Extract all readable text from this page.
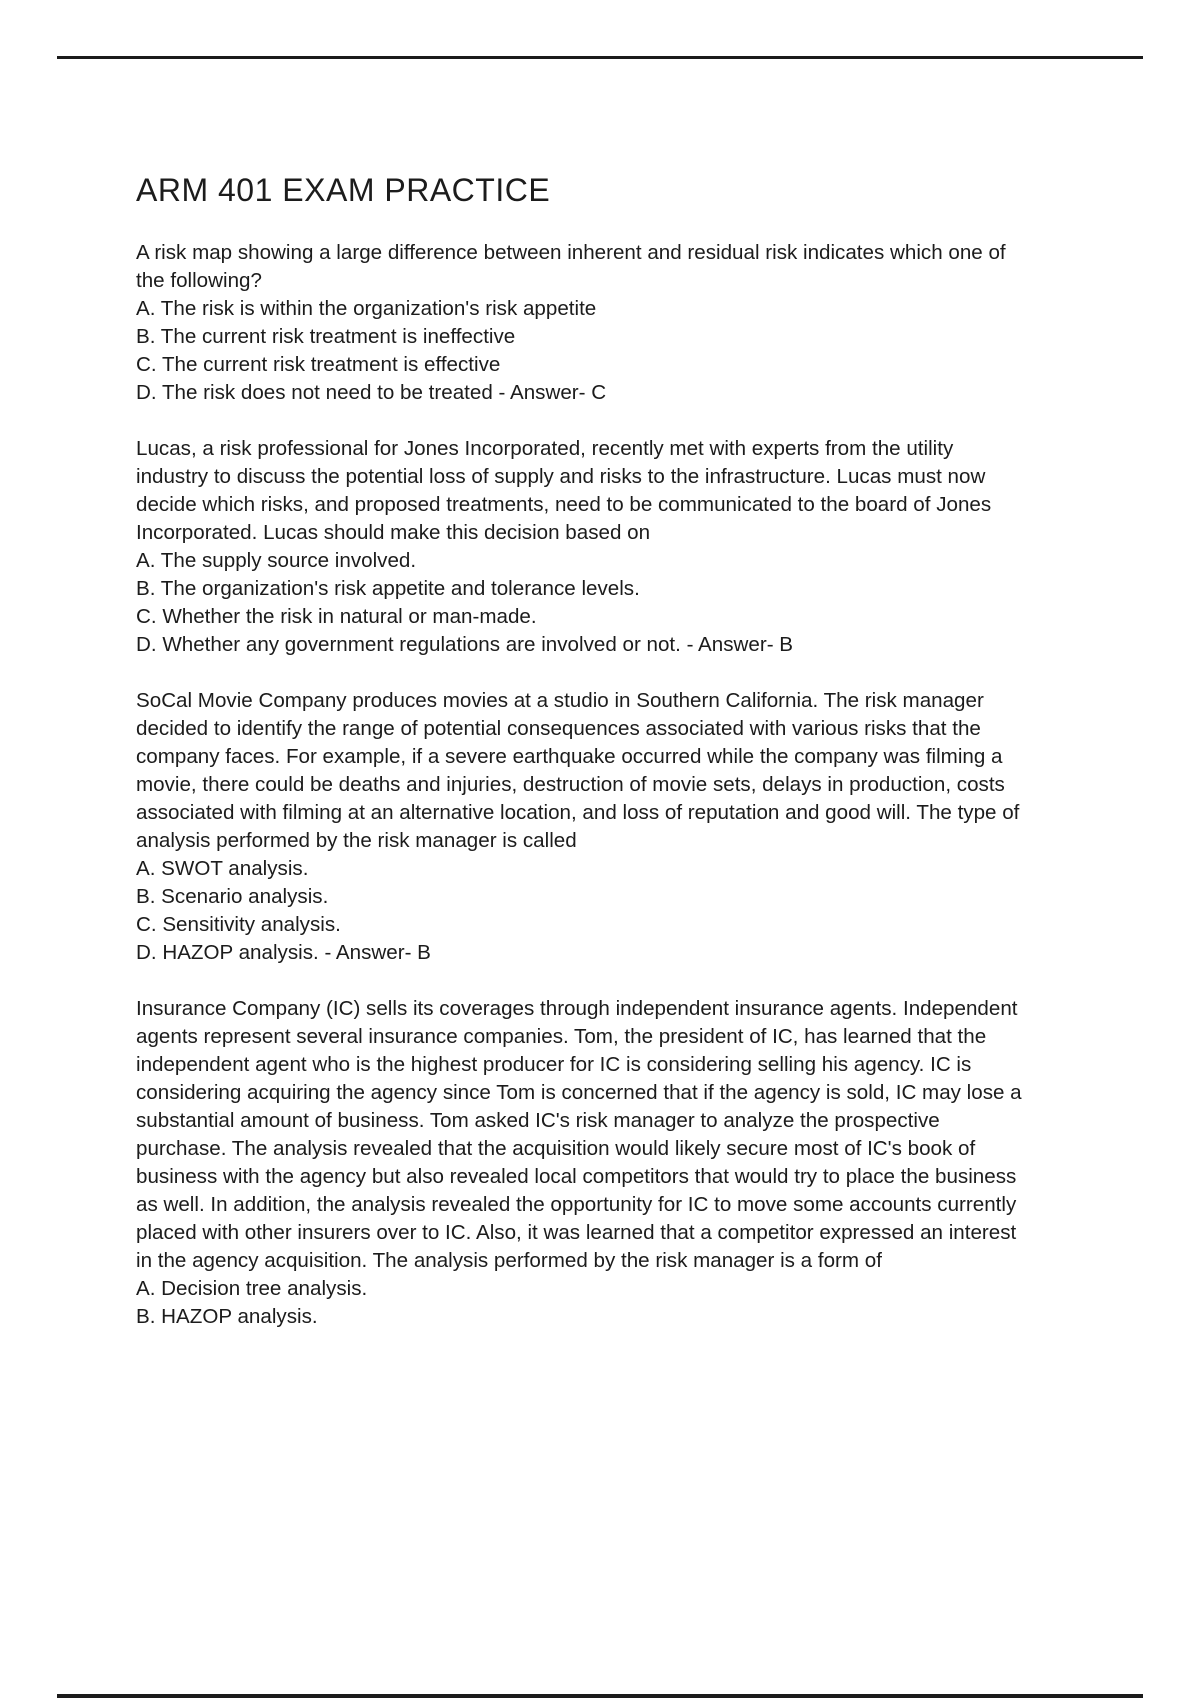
ARM 401 EXAM PRACTICE

A risk map showing a large difference between inherent and residual risk indicates which one of the following?

A. The risk is within the organization's risk appetite
B. The current risk treatment is ineffective
C. The current risk treatment is effective
D. The risk does not need to be treated - Answer- C

Lucas, a risk professional for Jones Incorporated, recently met with experts from the utility industry to discuss the potential loss of supply and risks to the infrastructure. Lucas must now decide which risks, and proposed treatments, need to be communicated to the board of Jones Incorporated. Lucas should make this decision based on

A. The supply source involved.
B. The organization's risk appetite and tolerance levels.
C. Whether the risk in natural or man-made.
D. Whether any government regulations are involved or not. - Answer- B

SoCal Movie Company produces movies at a studio in Southern California. The risk manager decided to identify the range of potential consequences associated with various risks that the company faces. For example, if a severe earthquake occurred while the company was filming a movie, there could be deaths and injuries, destruction of movie sets, delays in production, costs associated with filming at an alternative location, and loss of reputation and good will. The type of analysis performed by the risk manager is called

A. SWOT analysis.
B. Scenario analysis.
C. Sensitivity analysis.
D. HAZOP analysis. - Answer- B

Insurance Company (IC) sells its coverages through independent insurance agents. Independent agents represent several insurance companies. Tom, the president of IC, has learned that the independent agent who is the highest producer for IC is considering selling his agency. IC is considering acquiring the agency since Tom is concerned that if the agency is sold, IC may lose a substantial amount of business. Tom asked IC's risk manager to analyze the prospective purchase. The analysis revealed that the acquisition would likely secure most of IC's book of business with the agency but also revealed local competitors that would try to place the business as well. In addition, the analysis revealed the opportunity for IC to move some accounts currently placed with other insurers over to IC. Also, it was learned that a competitor expressed an interest in the agency acquisition. The analysis performed by the risk manager is a form of

A. Decision tree analysis.
B. HAZOP analysis.
